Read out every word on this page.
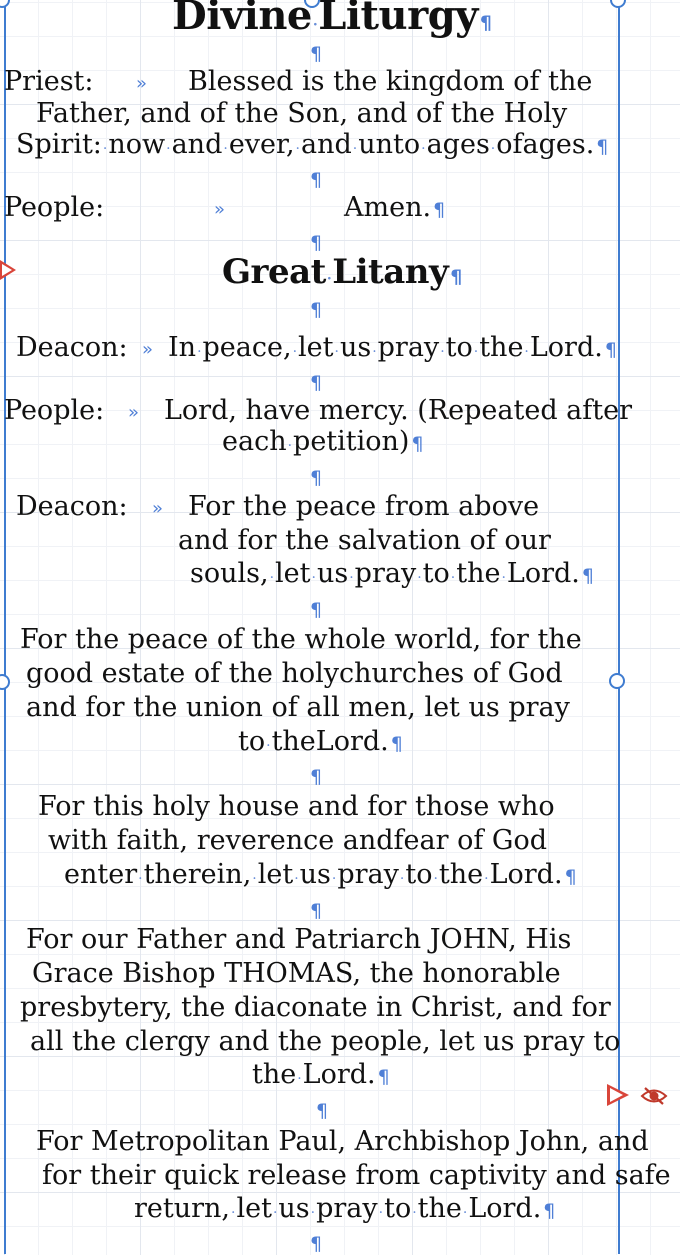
Divine·Liturgy ¶
¶
Priest: » Blessed is the kingdom of the
Father, and of the Son, and of the Holy
Spirit:·now·and·ever,·and·unto·ages·ofages. ¶
¶
People:	»	Amen. ¶
¶
Great·Litany ¶
¶
Deacon: » In·peace,·let·us·pray·to·the·Lord. ¶
¶
People: » Lord, have mercy. (Repeated after
each·petition) ¶
¶
Deacon: » For the peace from above
and for the salvation of our
souls,·let·us·pray·to·the·Lord. ¶
¶
For the peace of the whole world, for the
good estate of the holychurches of God
and for the union of all men, let us pray
to·theLord. ¶
¶
For this holy house and for those who
with faith, reverence andfear of God
enter·therein,·let·us·pray·to·the·Lord. ¶
¶
For our Father and Patriarch JOHN, His
Grace Bishop THOMAS, the honorable
presbytery, the diaconate in Christ, and for
all the clergy and the people, let us pray to
the·Lord. ¶
¶
For Metropolitan Paul, Archbishop John, and
for their quick release from captivity and safe
return,·let·us·pray·to·the·Lord. ¶
¶
